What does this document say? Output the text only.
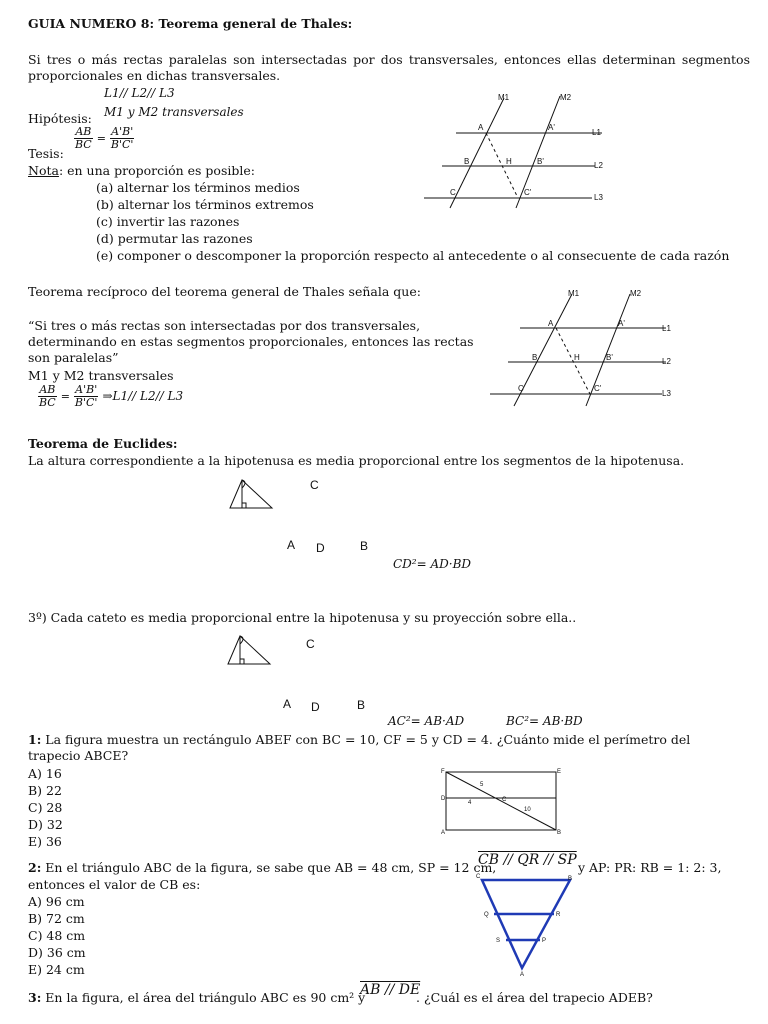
GUIA NUMERO 8: Teorema general de Thales:
Si tres o más rectas paralelas son intersectadas por dos transversales, entonces ellas determinan segmentos proporcionales en dichas transversales.
L1// L2// L3
M1 y M2 transversales
Hipótesis:
Tesis:
$\frac{AB}{BC} = \frac{A'B'}{B'C'}$
Nota: en una proporción es posible:
(a) alternar los términos medios
(b) alternar los términos extremos
(c) invertir las razones
(d) permutar las razones
(e) componer o descomponer la proporción respecto al antecedente o al consecuente de cada razón
M1	M2
L1
L2
L3
A	A'
B	H	B'
C	C'
Teorema recíproco del teorema general de Thales señala que:
“Si tres o más rectas son intersectadas por dos transversales, determinando en estas segmentos proporcionales, entonces las rectas son paralelas”
M1 y M2 transversales
$\frac{AB}{BC} = \frac{A'B'}{B'C'}$ ⇒L1// L2// L3
M1	M2
L1
L2
L3
A	A'
B	H	B'
C	C'
Teorema de Euclides:
La altura correspondiente a la hipotenusa es media proporcional entre los segmentos de la hipotenusa.
C
A D	B
CD²= AD·BD
3º) Cada cateto es media proporcional entre la hipotenusa y su proyección sobre ella..
C
A D	B
AC²= AB·AD	BC²= AB·BD
1: La figura muestra un rectángulo ABEF con BC = 10, CF = 5 y CD = 4. ¿Cuánto mide el perímetro del trapecio ABCE?
A) 16
B) 22
C) 28
D) 32
E) 36
F	E
D	C
A	B
5
4
10
2: En el triángulo ABC de la figura, se sabe que AB = 48 cm, SP = 12 cm,
CB // QR // SP y AP: PR: RB = 1: 2: 3,
entonces el valor de CB es:
A) 96 cm
B) 72 cm
C) 48 cm
D) 36 cm
E) 24 cm
C	B
Q	R
S	P
A
3: En la figura, el área del triángulo ABC es 90 cm² y
AB // DE
. ¿Cuál es el área del trapecio ADEB?
